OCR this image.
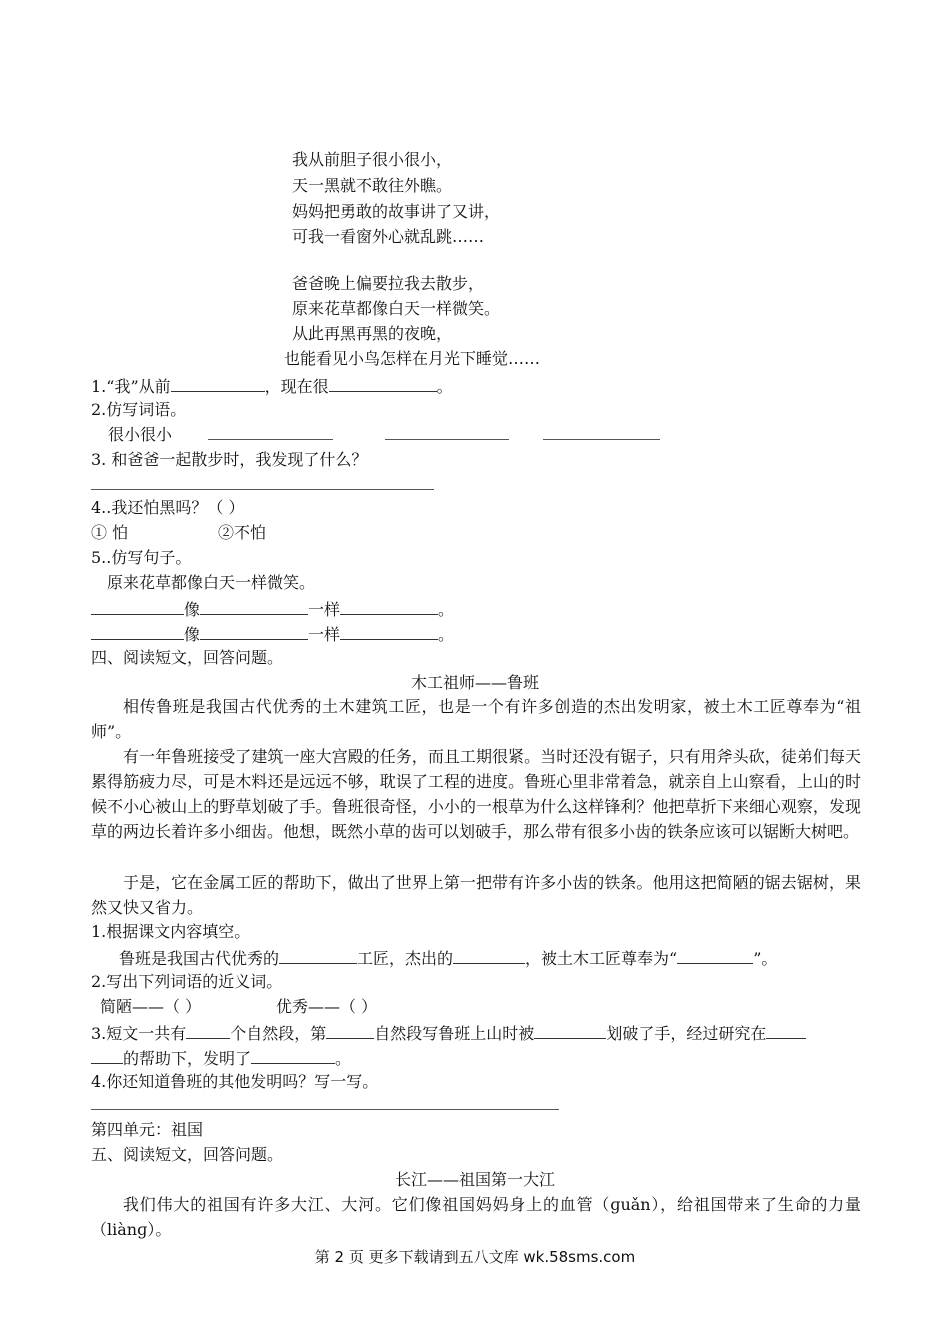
我从前胆子很小很小，
天一黑就不敢往外瞧。
妈妈把勇敢的故事讲了又讲，
可我一看窗外心就乱跳……
爸爸晚上偏要拉我去散步，
原来花草都像白天一样微笑。
从此再黑再黑的夜晚，
也能看见小鸟怎样在月光下睡觉……
1.“我”从前	，现在很	。
2.仿写词语。
很小很小
3. 和爸爸一起散步时，我发现了什么？
4..我还怕黑吗？（ ）
① 怕	②不怕
5..仿写句子。
原来花草都像白天一样微笑。
像	一样	。
像	一样	。
四、阅读短文，回答问题。
木工祖师——鲁班
相传鲁班是我国古代优秀的土木建筑工匠，也是一个有许多创造的杰出发明家，被土木工匠尊奉为“祖师”。
有一年鲁班接受了建筑一座大宫殿的任务，而且工期很紧。当时还没有锯子，只有用斧头砍，徒弟们每天累得筋疲力尽，可是木料还是远远不够，耽误了工程的进度。鲁班心里非常着急，就亲自上山察看，上山的时候不小心被山上的野草划破了手。鲁班很奇怪，小小的一根草为什么这样锋利？他把草折下来细心观察，发现草的两边长着许多小细齿。他想，既然小草的齿可以划破手，那么带有很多小齿的铁条应该可以锯断大树吧。
于是，它在金属工匠的帮助下，做出了世界上第一把带有许多小齿的铁条。他用这把简陋的锯去锯树，果然又快又省力。
1.根据课文内容填空。
鲁班是我国古代优秀的	工匠，杰出的	，被土木工匠尊奉为“	”。
2.写出下列词语的近义词。
简陋——（ ）	优秀——（ ）
3.短文一共有	个自然段，第	自然段写鲁班上山时被	划破了手，经过研究在
的帮助下，发明了	。
4.你还知道鲁班的其他发明吗？写一写。
第四单元：祖国
五、阅读短文，回答问题。
长江——祖国第一大江
我们伟大的祖国有许多大江、大河。它们像祖国妈妈身上的血管（ɡuǎn），给祖国带来了生命的力量（liànɡ）。
第 2 页 更多下载请到五八文库 wk.58sms.com
